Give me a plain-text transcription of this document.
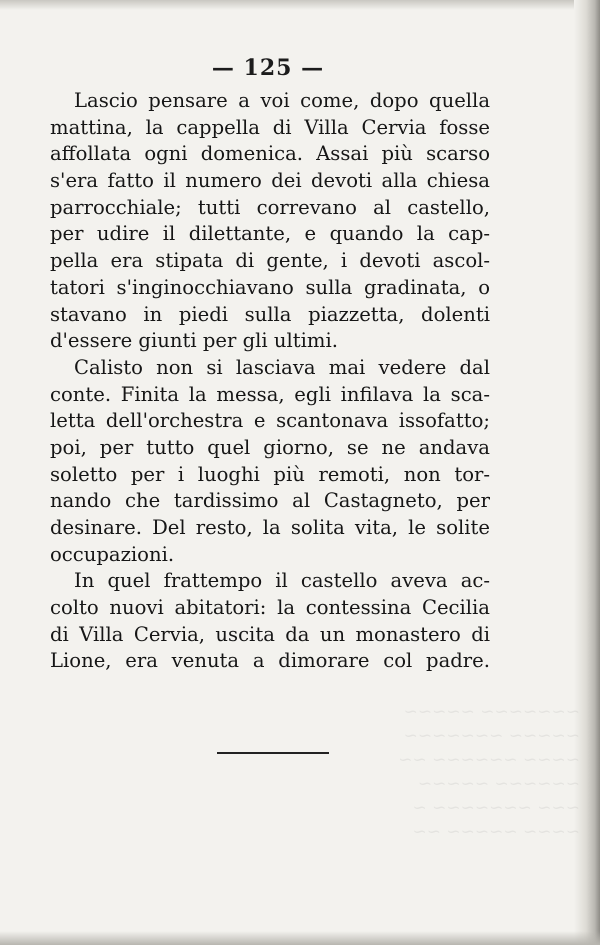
~~~~~~~ ~~~~~
~~~~~ ~~~~~~~
~~~~ ~~~~~~ ~~
~~~~~~ ~~~~~
~~~ ~~~~~~~ ~
~~~~ ~~~~~ ~~
— 125 —
Lascio pensare a voi come, dopo quella
mattina, la cappella di Villa Cervia fosse
affollata ogni domenica. Assai più scarso
s'era fatto il numero dei devoti alla chiesa
parrocchiale; tutti correvano al castello,
per udire il dilettante, e quando la cap-
pella era stipata di gente, i devoti ascol-
tatori s'inginocchiavano sulla gradinata, o
stavano in piedi sulla piazzetta, dolenti
d'essere giunti per gli ultimi.
Calisto non si lasciava mai vedere dal
conte. Finita la messa, egli infilava la sca-
letta dell'orchestra e scantonava issofatto;
poi, per tutto quel giorno, se ne andava
soletto per i luoghi più remoti, non tor-
nando che tardissimo al Castagneto, per
desinare. Del resto, la solita vita, le solite
occupazioni.
In quel frattempo il castello aveva ac-
colto nuovi abitatori: la contessina Cecilia
di Villa Cervia, uscita da un monastero di
Lione, era venuta a dimorare col padre.
